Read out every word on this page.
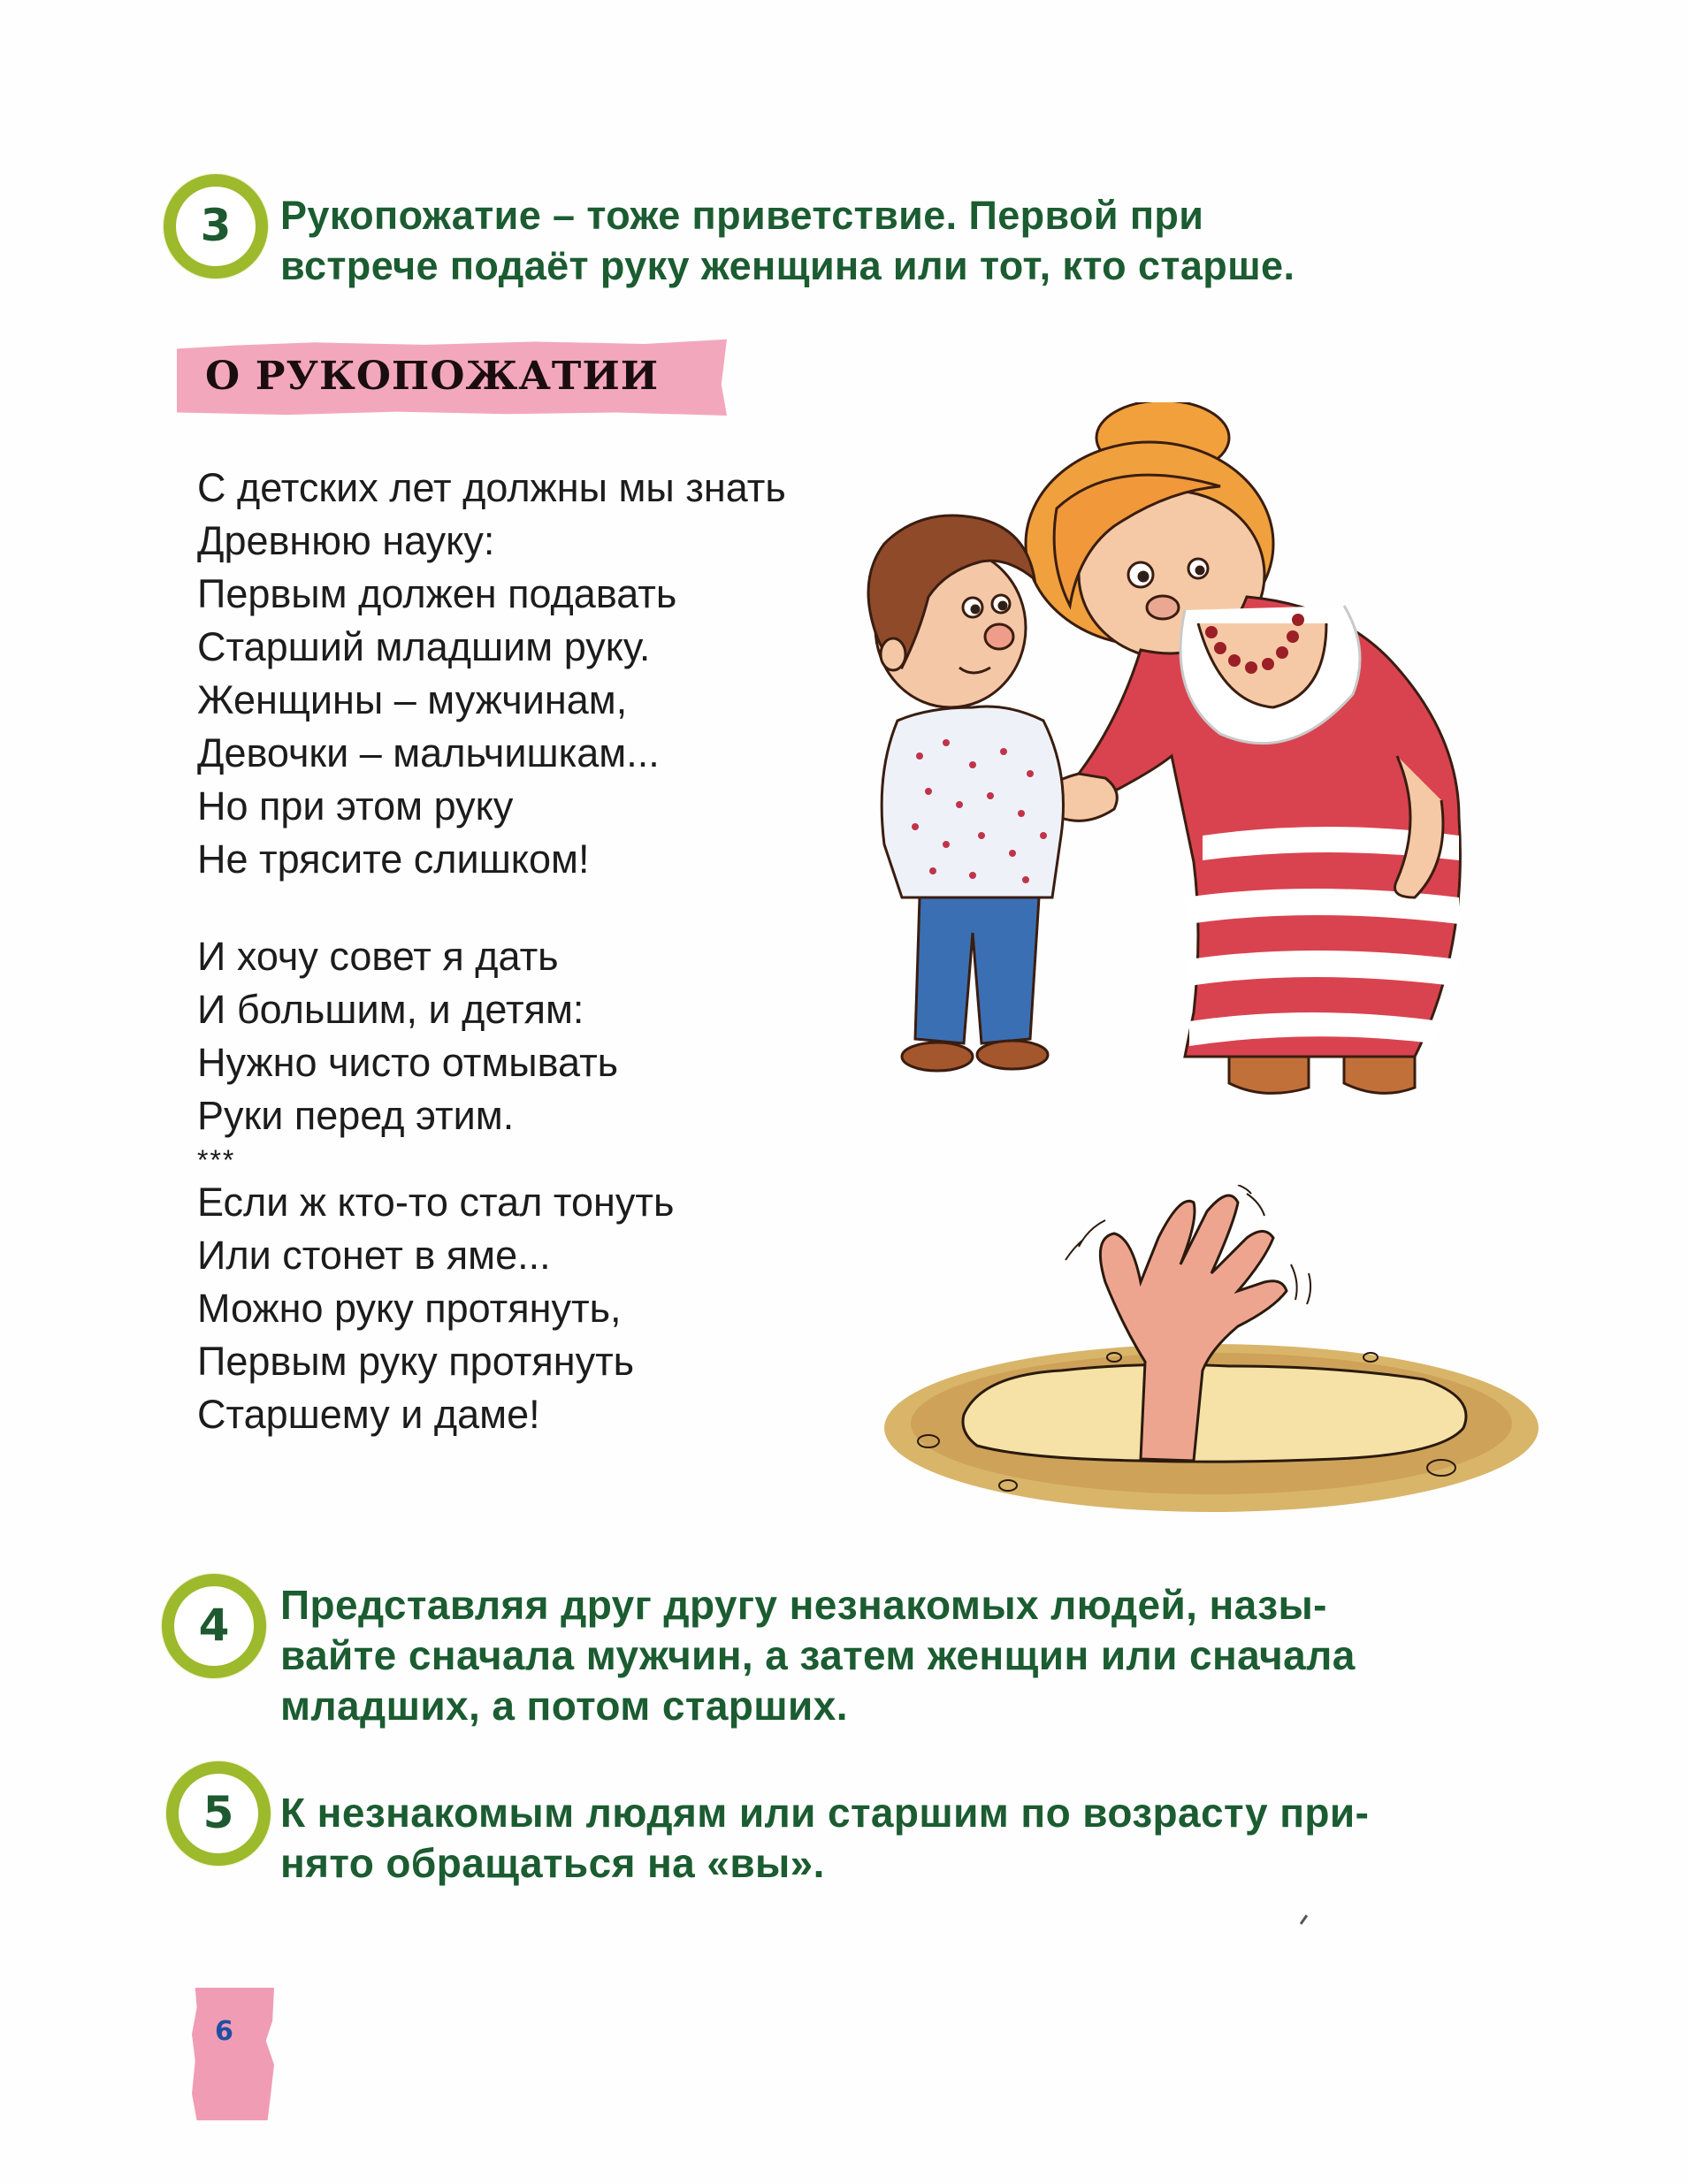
3	Рукопожатие – тоже приветствие. Первой при
встрече подаёт руку женщина или тот, кто старше.
О РУКОПОЖАТИИ
С детских лет должны мы знать
Древнюю науку:
Первым должен подавать
Старший младшим руку.
Женщины – мужчинам,
Девочки – мальчишкам...
Но при этом руку
Не трясите слишком!
И хочу совет я дать
И большим, и детям:
Нужно чисто отмывать
Руки перед этим.
***
Если ж кто-то стал тонуть
Или стонет в яме...
Можно руку протянуть,
Первым руку протянуть
Старшему и даме!
4	Представляя друг другу незнакомых людей, назы-
вайте сначала мужчин, а затем женщин или сначала
младших, а потом старших.
5	К незнакомым людям или старшим по возрасту при-
нято обращаться на «вы».
6
